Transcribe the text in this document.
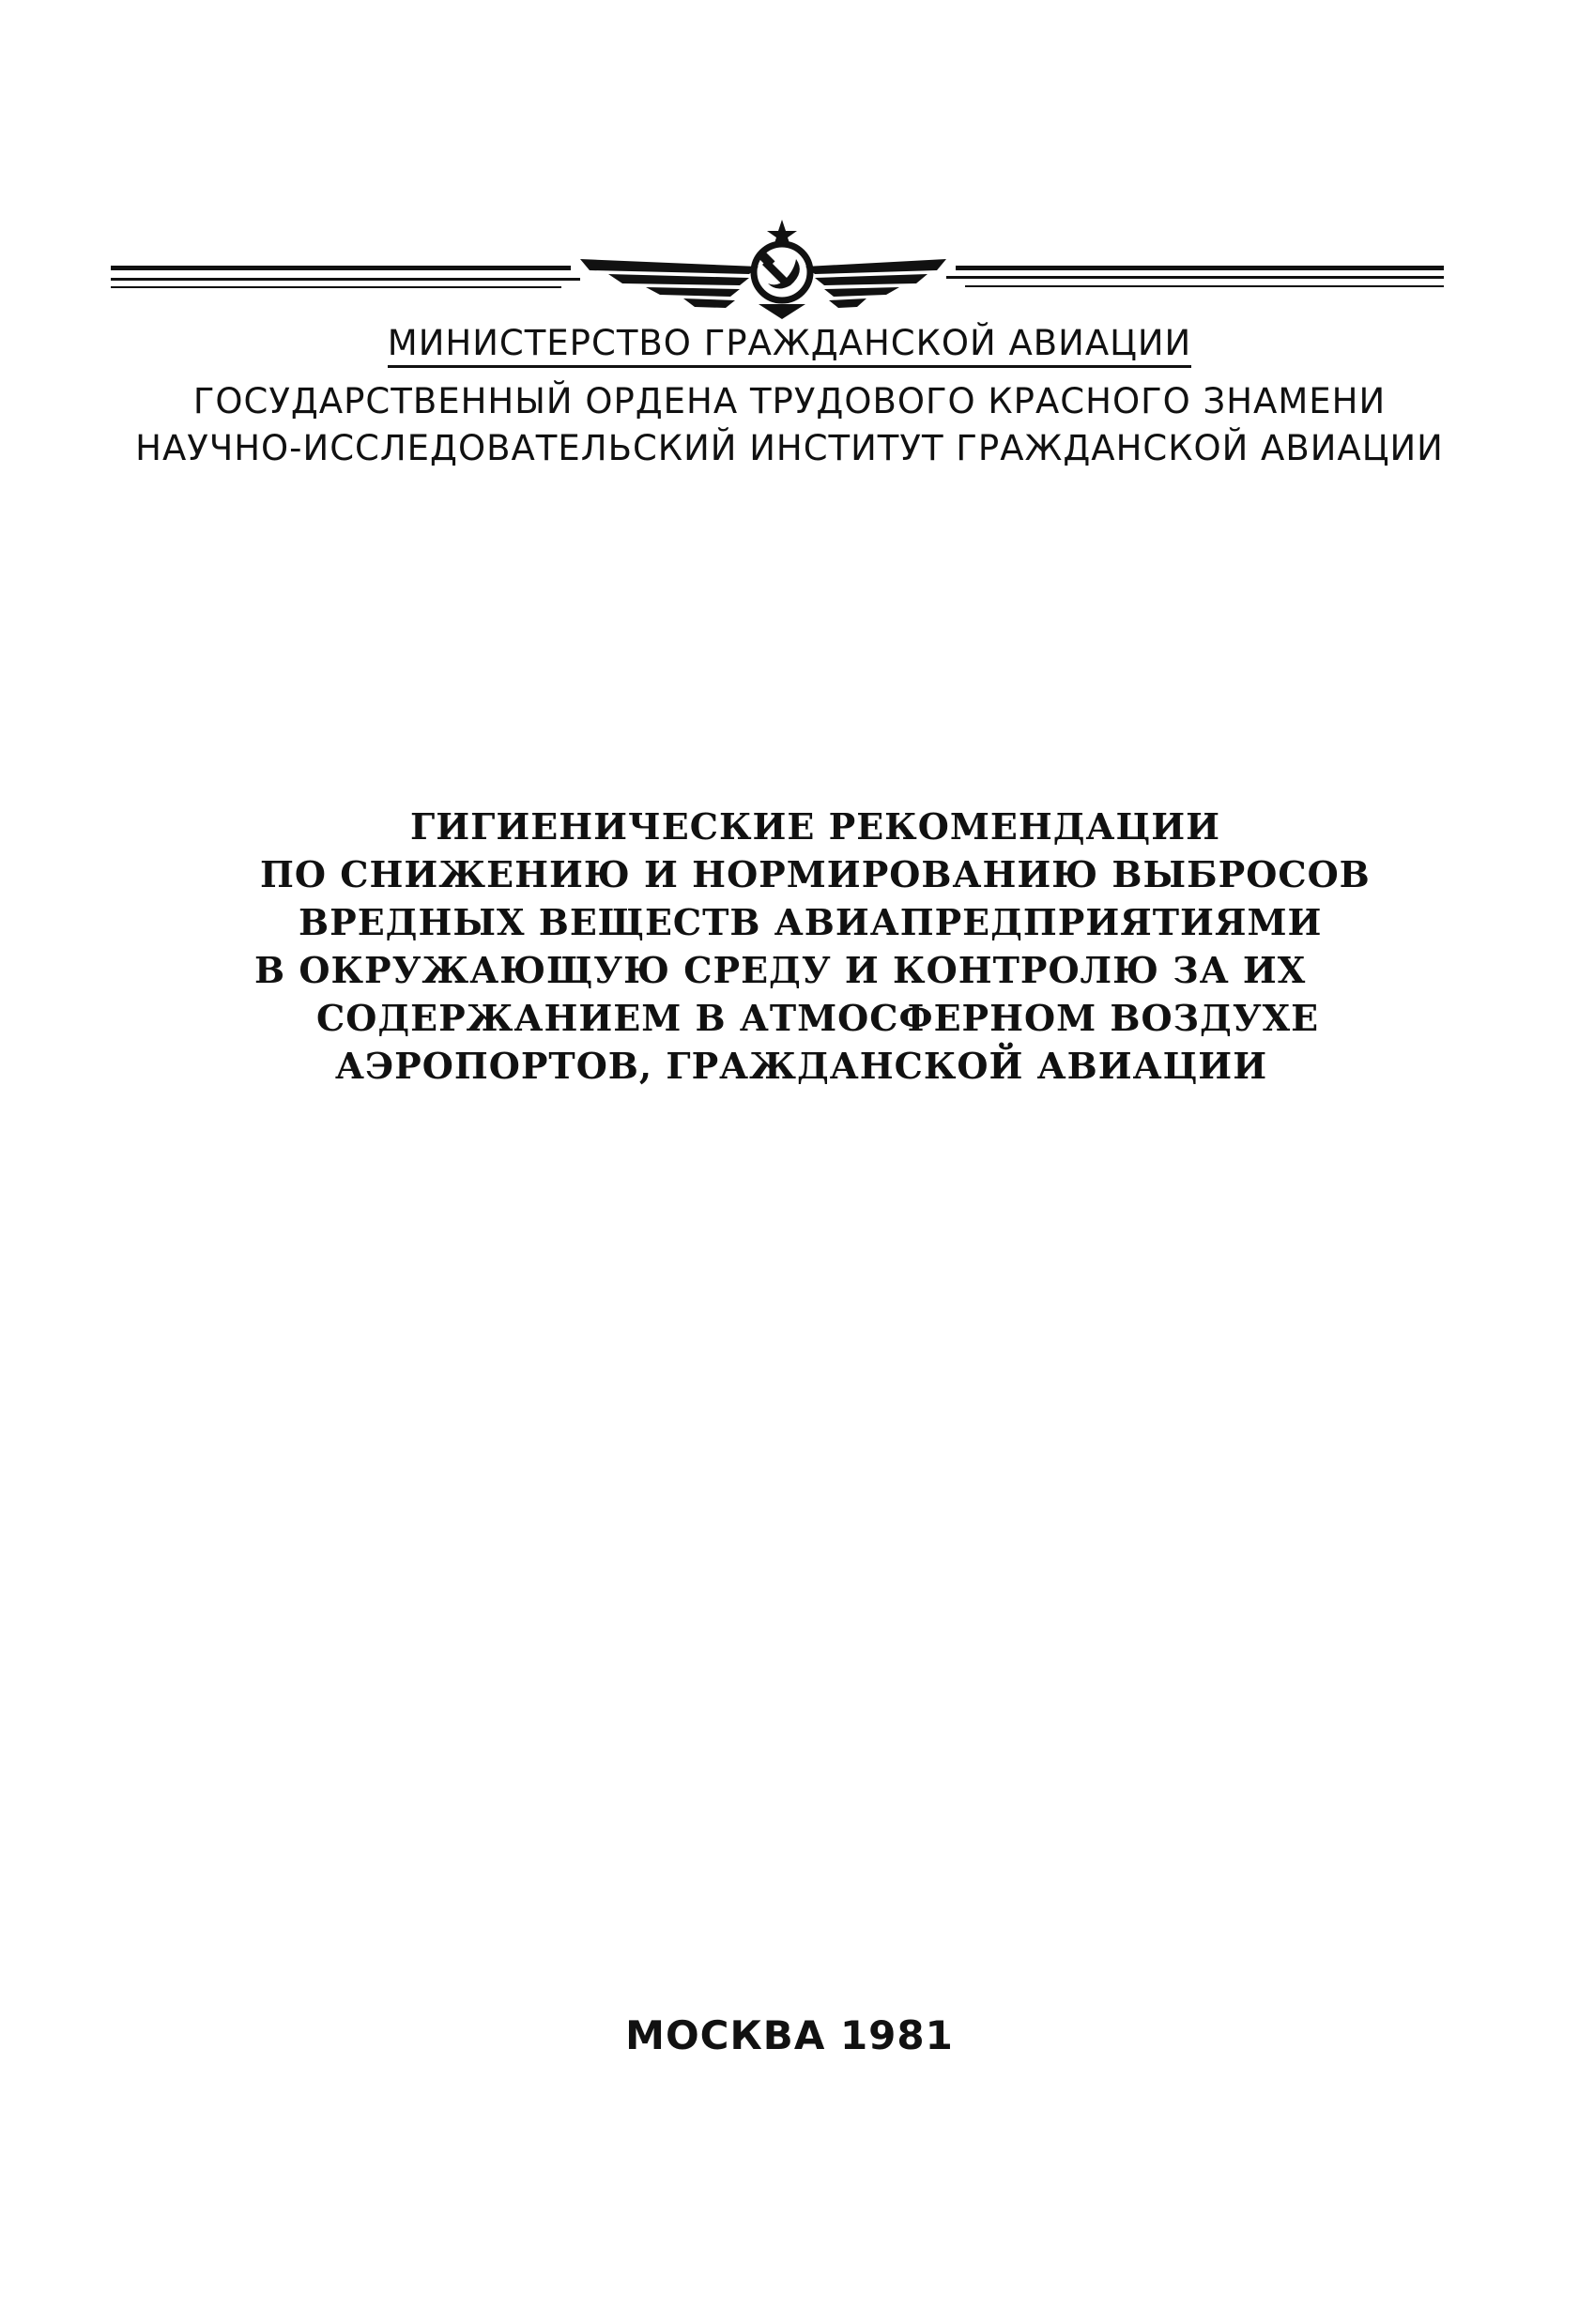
МИНИСТЕРСТВО ГРАЖДАНСКОЙ АВИАЦИИ
ГОСУДАРСТВЕННЫЙ ОРДЕНА ТРУДОВОГО КРАСНОГО ЗНАМЕНИ
НАУЧНО-ИССЛЕДОВАТЕЛЬСКИЙ ИНСТИТУТ ГРАЖДАНСКОЙ АВИАЦИИ
ГИГИЕНИЧЕСКИЕ РЕКОМЕНДАЦИИ
ПО СНИЖЕНИЮ И НОРМИРОВАНИЮ ВЫБРОСОВ
ВРЕДНЫХ ВЕЩЕСТВ АВИАПРЕДПРИЯТИЯМИ
В ОКРУЖАЮЩУЮ СРЕДУ И КОНТРОЛЮ ЗА ИХ
СОДЕРЖАНИЕМ В АТМОСФЕРНОМ ВОЗДУХЕ
АЭРОПОРТОВ, ГРАЖДАНСКОЙ АВИАЦИИ
МОСКВА 1981
